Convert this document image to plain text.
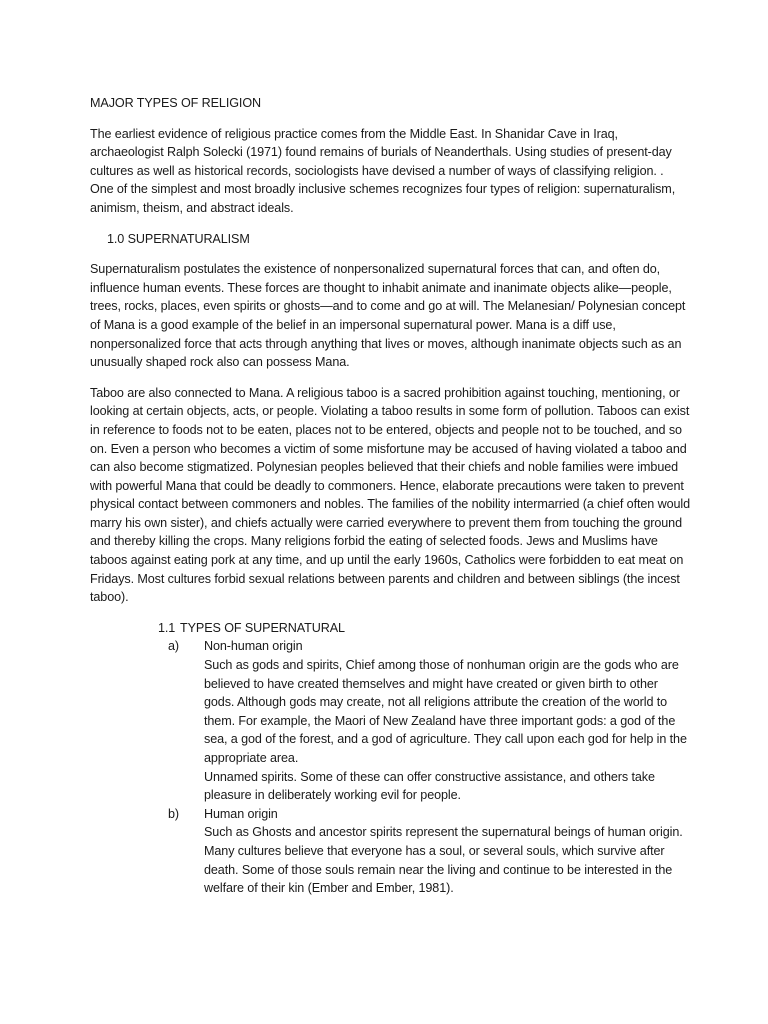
MAJOR TYPES OF RELIGION

The earliest evidence of religious practice comes from the Middle East. In Shanidar Cave in Iraq, archaeologist Ralph Solecki (1971) found remains of burials of Neanderthals. Using studies of present-day cultures as well as historical records, sociologists have devised a number of ways of classifying religion. . One of the simplest and most broadly inclusive schemes recognizes four types of religion: supernaturalism, animism, theism, and abstract ideals.

1.0 SUPERNATURALISM

Supernaturalism postulates the existence of nonpersonalized supernatural forces that can, and often do, influence human events. These forces are thought to inhabit animate and inanimate objects alike—people, trees, rocks, places, even spirits or ghosts—and to come and go at will. The Melanesian/ Polynesian concept of Mana is a good example of the belief in an impersonal supernatural power. Mana is a diff use, nonpersonalized force that acts through anything that lives or moves, although inanimate objects such as an unusually shaped rock also can possess Mana.

Taboo are also connected to Mana. A religious taboo is a sacred prohibition against touching, mentioning, or looking at certain objects, acts, or people. Violating a taboo results in some form of pollution. Taboos can exist in reference to foods not to be eaten, places not to be entered, objects and people not to be touched, and so on. Even a person who becomes a victim of some misfortune may be accused of having violated a taboo and can also become stigmatized. Polynesian peoples believed that their chiefs and noble families were imbued with powerful Mana that could be deadly to commoners. Hence, elaborate precautions were taken to prevent physical contact between commoners and nobles. The families of the nobility intermarried (a chief often would marry his own sister), and chiefs actually were carried everywhere to prevent them from touching the ground and thereby killing the crops. Many religions forbid the eating of selected foods. Jews and Muslims have taboos against eating pork at any time, and up until the early 1960s, Catholics were forbidden to eat meat on Fridays. Most cultures forbid sexual relations between parents and children and between siblings (the incest taboo).

1.1 TYPES OF SUPERNATURAL
a)	Non-human origin
Such as gods and spirits, Chief among those of nonhuman origin are the gods who are believed to have created themselves and might have created or given birth to other gods. Although gods may create, not all religions attribute the creation of the world to them. For example, the Maori of New Zealand have three important gods: a god of the sea, a god of the forest, and a god of agriculture. They call upon each god for help in the appropriate area.
Unnamed spirits. Some of these can offer constructive assistance, and others take pleasure in deliberately working evil for people.
b)	Human origin
Such as Ghosts and ancestor spirits represent the supernatural beings of human origin. Many cultures believe that everyone has a soul, or several souls, which survive after death. Some of those souls remain near the living and continue to be interested in the welfare of their kin (Ember and Ember, 1981).
